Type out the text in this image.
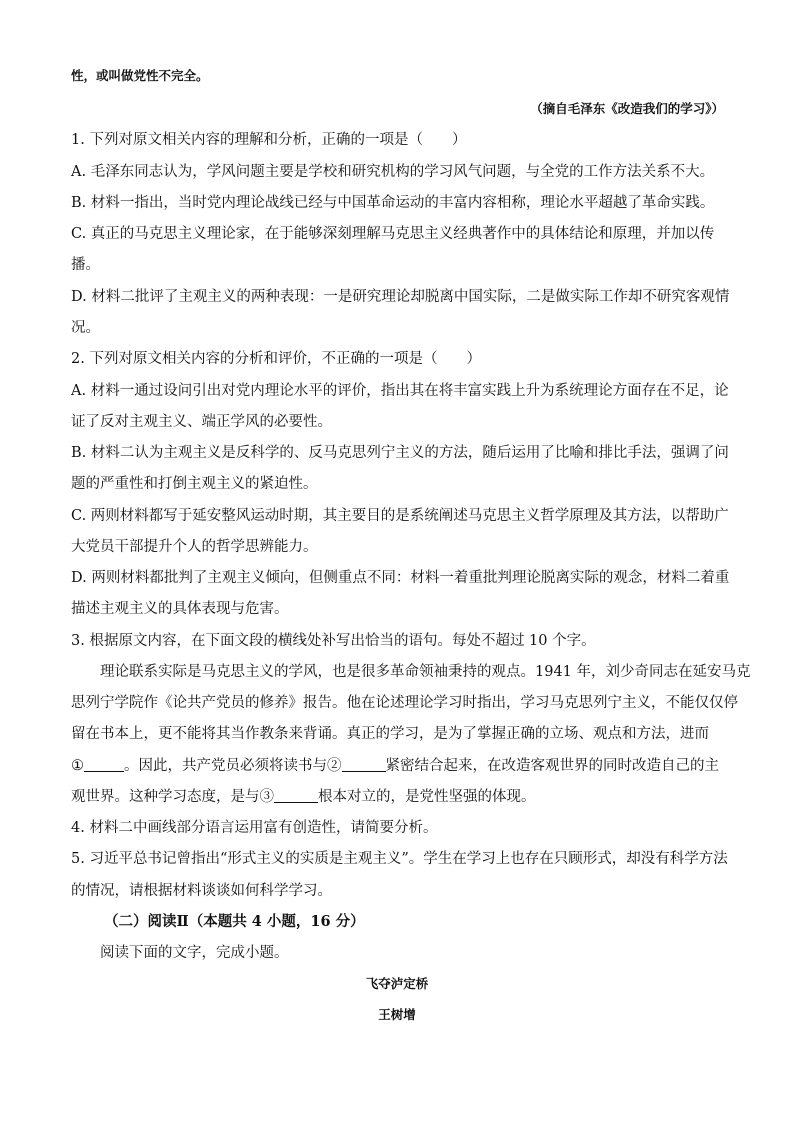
性，或叫做党性不完全。
（摘自毛泽东《改造我们的学习》）
1. 下列对原文相关内容的理解和分析，正确的一项是（　　）
A. 毛泽东同志认为，学风问题主要是学校和研究机构的学习风气问题，与全党的工作方法关系不大。
B. 材料一指出，当时党内理论战线已经与中国革命运动的丰富内容相称，理论水平超越了革命实践。
C. 真正的马克思主义理论家，在于能够深刻理解马克思主义经典著作中的具体结论和原理，并加以传
播。
D. 材料二批评了主观主义的两种表现：一是研究理论却脱离中国实际，二是做实际工作却不研究客观情
况。
2. 下列对原文相关内容的分析和评价，不正确的一项是（　　）
A. 材料一通过设问引出对党内理论水平的评价，指出其在将丰富实践上升为系统理论方面存在不足，论
证了反对主观主义、端正学风的必要性。
B. 材料二认为主观主义是反科学的、反马克思列宁主义的方法，随后运用了比喻和排比手法，强调了问
题的严重性和打倒主观主义的紧迫性。
C. 两则材料都写于延安整风运动时期，其主要目的是系统阐述马克思主义哲学原理及其方法，以帮助广
大党员干部提升个人的哲学思辨能力。
D. 两则材料都批判了主观主义倾向，但侧重点不同：材料一着重批判理论脱离实际的观念，材料二着重
描述主观主义的具体表现与危害。
3. 根据原文内容，在下面文段的横线处补写出恰当的语句。每处不超过 10 个字。
理论联系实际是马克思主义的学风，也是很多革命领袖秉持的观点。1941 年，刘少奇同志在延安马克
思列宁学院作《论共产党员的修养》报告。他在论述理论学习时指出，学习马克思列宁主义，不能仅仅停
留在书本上，更不能将其当作教条来背诵。真正的学习，是为了掌握正确的立场、观点和方法，进而
①	。因此，共产党员必须将读书与②	紧密结合起来，在改造客观世界的同时改造自己的主
观世界。这种学习态度，是与③	根本对立的，是党性坚强的体现。
4. 材料二中画线部分语言运用富有创造性，请简要分析。
5. 习近平总书记曾指出“形式主义的实质是主观主义”。学生在学习上也存在只顾形式，却没有科学方法
的情况，请根据材料谈谈如何科学学习。
（二）阅读Ⅱ（本题共 4 小题，16 分）
阅读下面的文字，完成小题。
飞夺泸定桥
王树增
